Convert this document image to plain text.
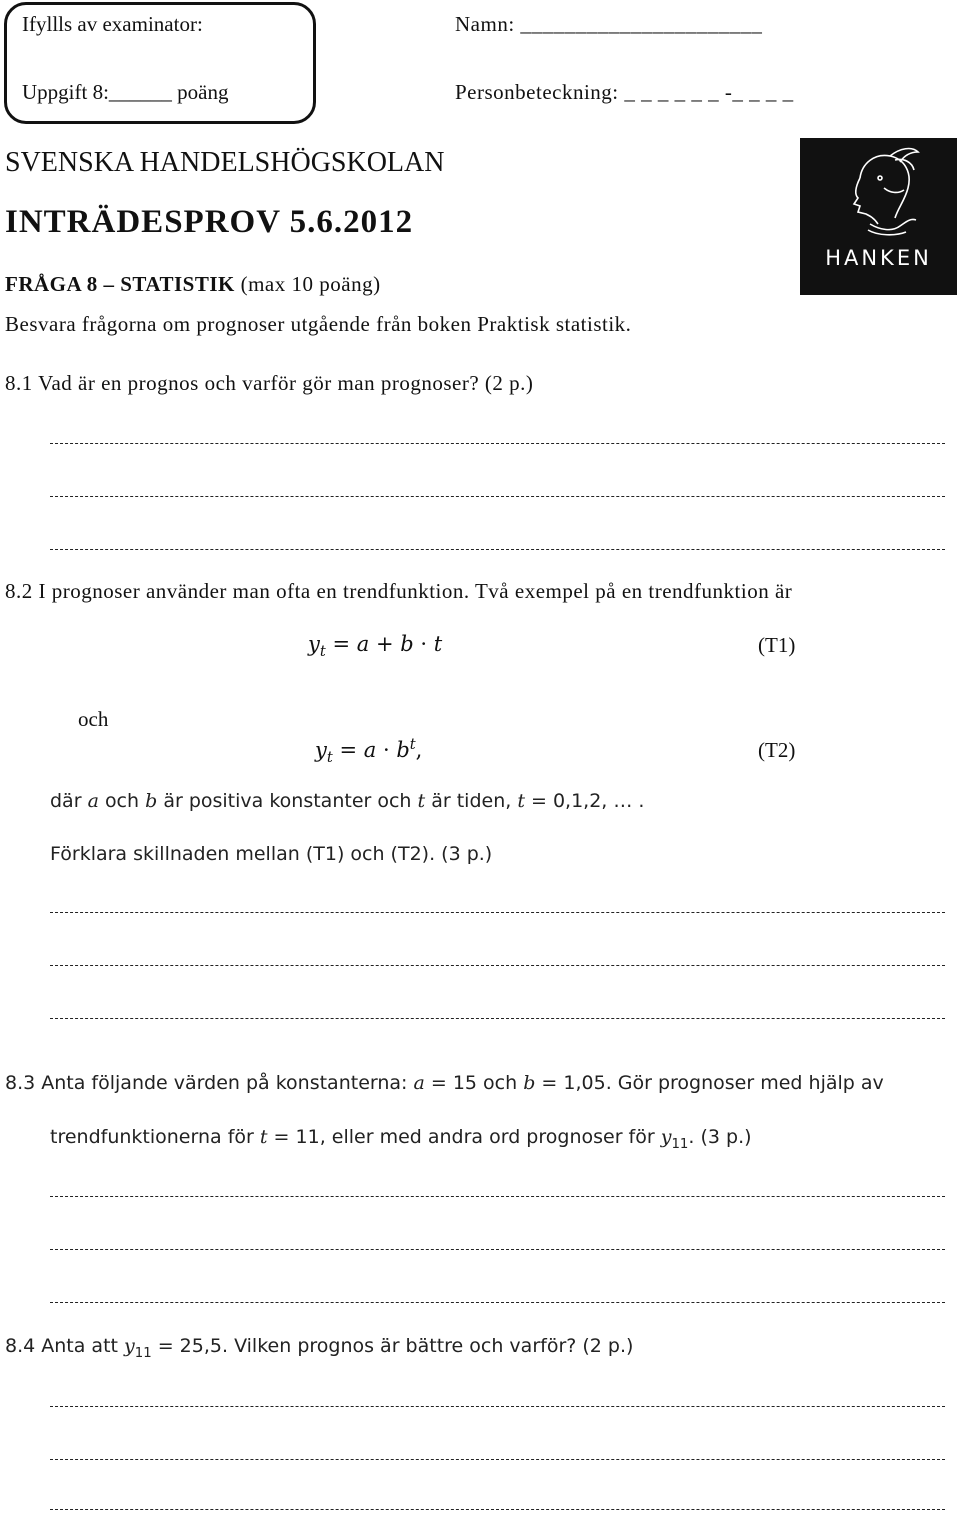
Ifyllls av examinator:
Uppgift 8:______ poäng
Namn: ______________________
Personbeteckning: _ _ _ _ _ _ -_ _ _ _
SVENSKA HANDELSHÖGSKOLAN
INTRÄDESPROV 5.6.2012
HANKEN
FRÅGA 8 – STATISTIK (max 10 poäng)
Besvara frågorna om prognoser utgående från boken Praktisk statistik.
8.1 Vad är en prognos och varför gör man prognoser? (2 p.)
8.2 I prognoser använder man ofta en trendfunktion. Två exempel på en trendfunktion är
$y_t = a + b \cdot t$	(T1)
och
$y_t = a \cdot b^t$,	(T2)
där a och b är positiva konstanter och t är tiden, t = 0,1,2, … .
Förklara skillnaden mellan (T1) och (T2). (3 p.)
8.3 Anta följande värden på konstanterna: a = 15 och b = 1,05. Gör prognoser med hjälp av
trendfunktionerna för t = 11, eller med andra ord prognoser för $y_{11}$. (3 p.)
8.4 Anta att $y_{11} = 25,5$. Vilken prognos är bättre och varför? (2 p.)
